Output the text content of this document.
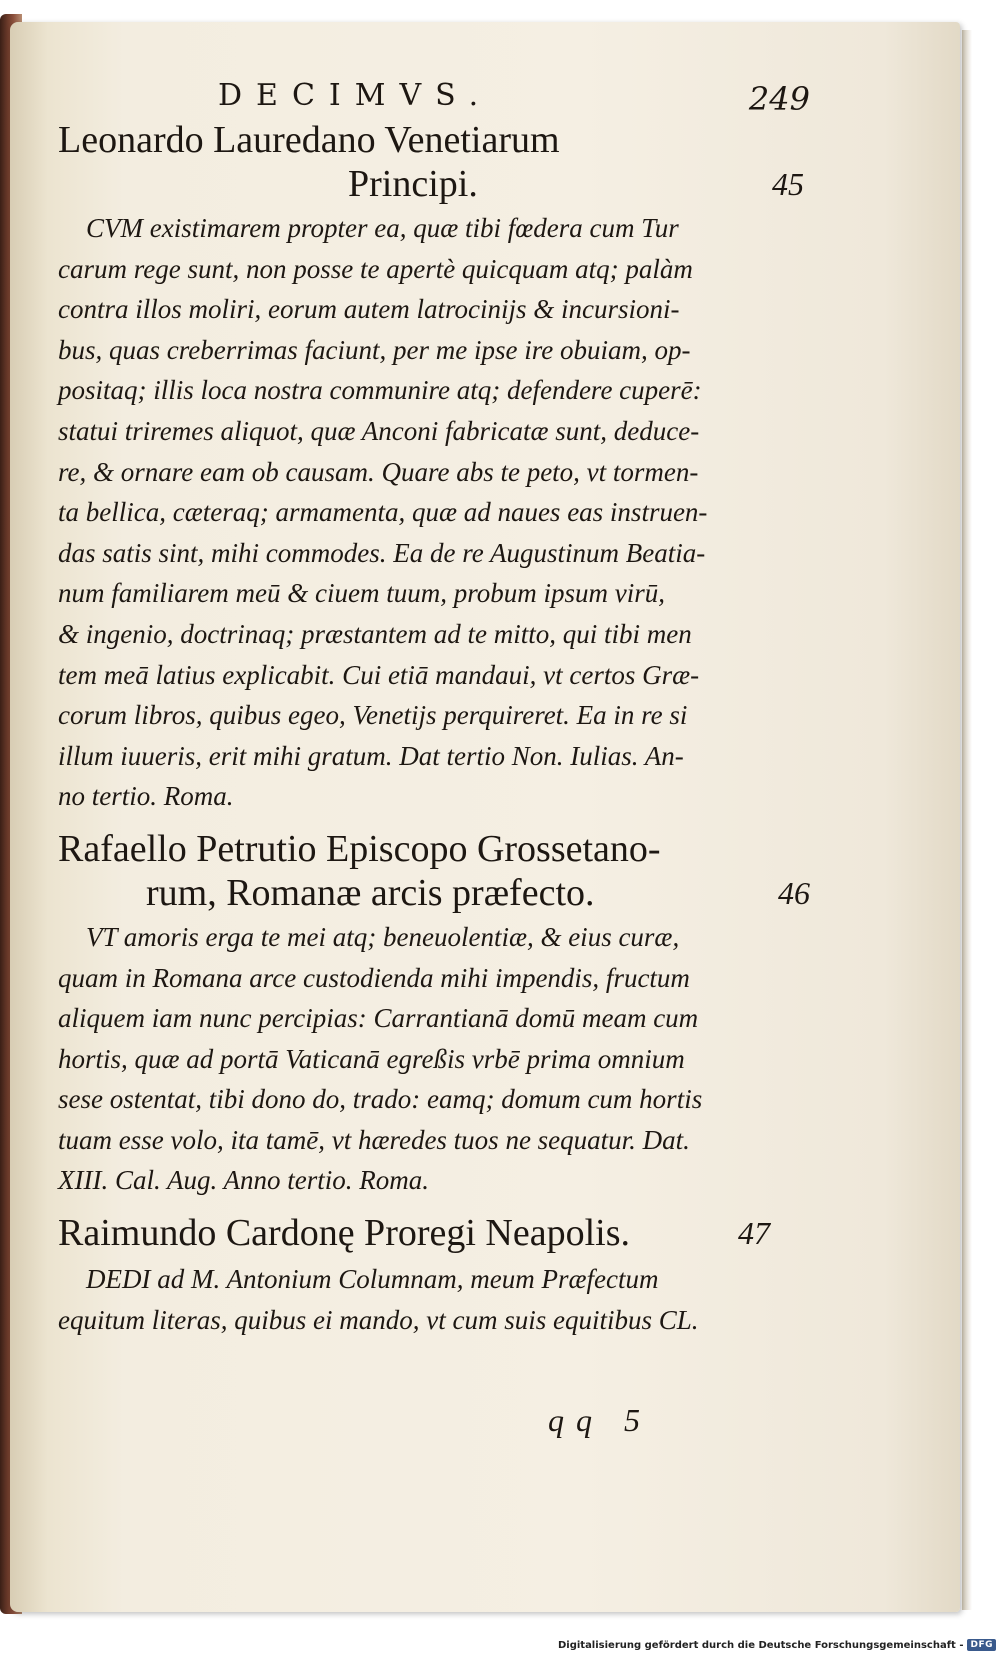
DECIMVS.	249
Leonardo Lauredano Venetiarum
Principi.	45

CVM existimarem propter ea, quæ tibi fœdera cum Tur
carum rege sunt, non posse te apertè quicquam atq; palàm
contra illos moliri, eorum autem latrocinijs & incursioni-
bus, quas creberrimas faciunt, per me ipse ire obuiam, op-
positaq; illis loca nostra communire atq; defendere cuperē:
statui triremes aliquot, quæ Anconi fabricatæ sunt, deduce-
re, & ornare eam ob causam. Quare abs te peto, vt tormen-
ta bellica, cæteraq; armamenta, quæ ad naues eas instruen-
das satis sint, mihi commodes. Ea de re Augustinum Beatia-
num familiarem meū & ciuem tuum, probum ipsum virū,
& ingenio, doctrinaq; præstantem ad te mitto, qui tibi men
tem meā latius explicabit. Cui etiā mandaui, vt certos Græ-
corum libros, quibus egeo, Venetijs perquireret. Ea in re si
illum iuueris, erit mihi gratum. Dat tertio Non. Iulias. An-
no tertio. Roma.

Rafaello Petrutio Episcopo Grossetano-
rum, Romanæ arcis præfecto.	46

VT amoris erga te mei atq; beneuolentiæ, & eius curæ,
quam in Romana arce custodienda mihi impendis, fructum
aliquem iam nunc percipias: Carrantianā domū meam cum
hortis, quæ ad portā Vaticanā egreßis vrbē prima omnium
sese ostentat, tibi dono do, trado: eamq; domum cum hortis
tuam esse volo, ita tamē, vt hæredes tuos ne sequatur. Dat.
XIII. Cal. Aug. Anno tertio. Roma.

Raimundo Cardonę Proregi Neapolis.	47

DEDI ad M. Antonium Columnam, meum Præfectum
equitum literas, quibus ei mando, vt cum suis equitibus CL.

qq 5
Digitalisierung gefördert durch die Deutsche Forschungsgemeinschaft - DFG
